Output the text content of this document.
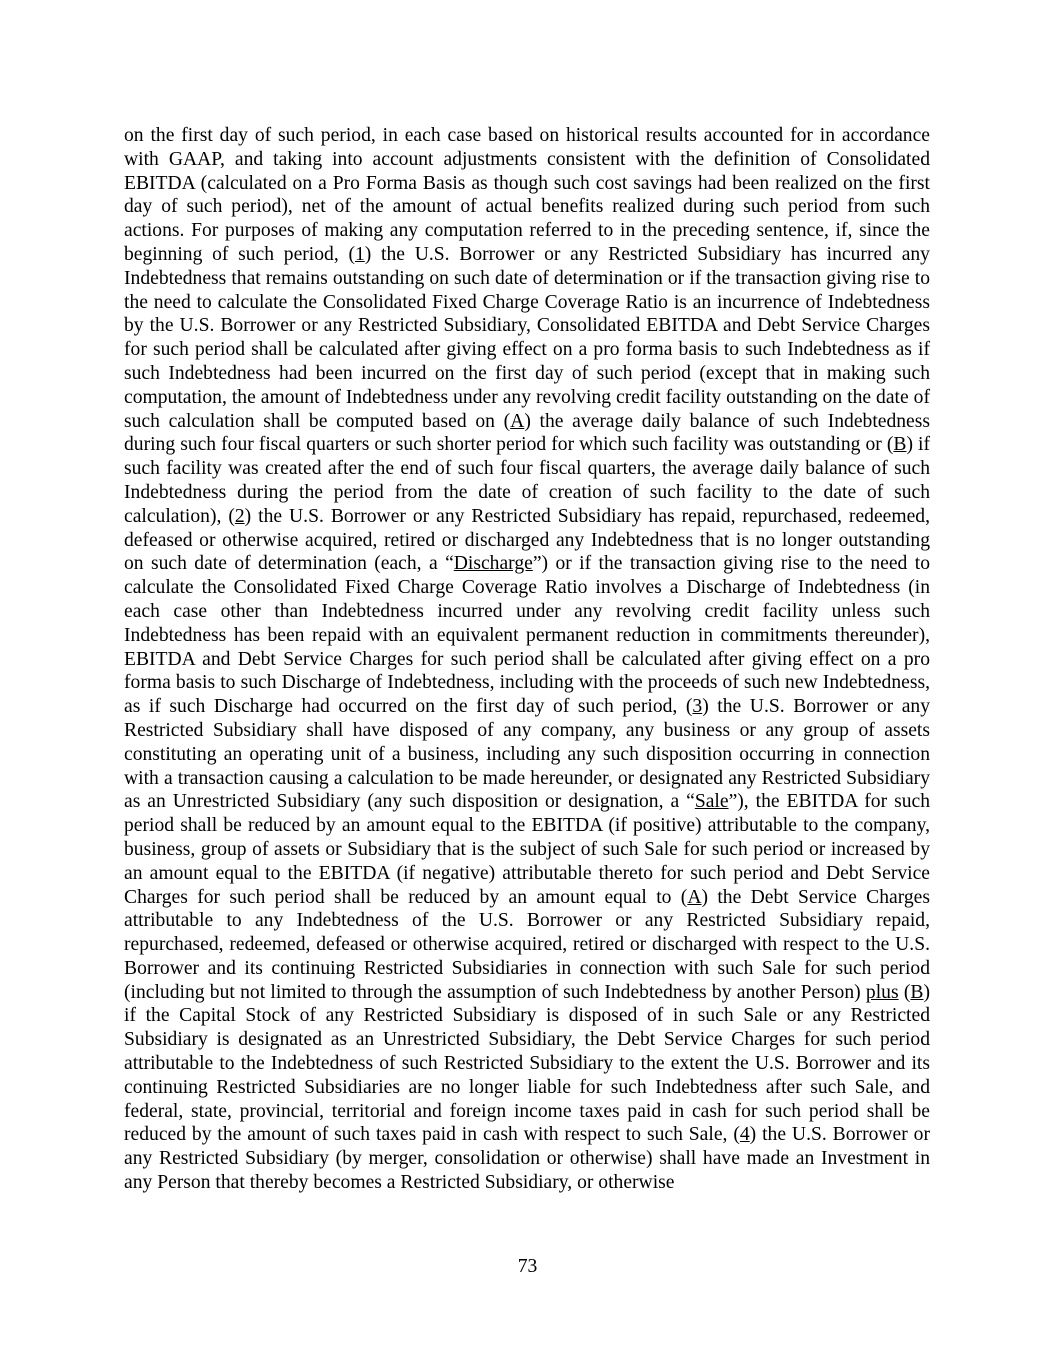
on the first day of such period, in each case based on historical results accounted for in accordance with GAAP, and taking into account adjustments consistent with the definition of Consolidated EBITDA (calculated on a Pro Forma Basis as though such cost savings had been realized on the first day of such period), net of the amount of actual benefits realized during such period from such actions. For purposes of making any computation referred to in the preceding sentence, if, since the beginning of such period, (1) the U.S. Borrower or any Restricted Subsidiary has incurred any Indebtedness that remains outstanding on such date of determination or if the transaction giving rise to the need to calculate the Consolidated Fixed Charge Coverage Ratio is an incurrence of Indebtedness by the U.S. Borrower or any Restricted Subsidiary, Consolidated EBITDA and Debt Service Charges for such period shall be calculated after giving effect on a pro forma basis to such Indebtedness as if such Indebtedness had been incurred on the first day of such period (except that in making such computation, the amount of Indebtedness under any revolving credit facility outstanding on the date of such calculation shall be computed based on (A) the average daily balance of such Indebtedness during such four fiscal quarters or such shorter period for which such facility was outstanding or (B) if such facility was created after the end of such four fiscal quarters, the average daily balance of such Indebtedness during the period from the date of creation of such facility to the date of such calculation), (2) the U.S. Borrower or any Restricted Subsidiary has repaid, repurchased, redeemed, defeased or otherwise acquired, retired or discharged any Indebtedness that is no longer outstanding on such date of determination (each, a “Discharge”) or if the transaction giving rise to the need to calculate the Consolidated Fixed Charge Coverage Ratio involves a Discharge of Indebtedness (in each case other than Indebtedness incurred under any revolving credit facility unless such Indebtedness has been repaid with an equivalent permanent reduction in commitments thereunder), EBITDA and Debt Service Charges for such period shall be calculated after giving effect on a pro forma basis to such Discharge of Indebtedness, including with the proceeds of such new Indebtedness, as if such Discharge had occurred on the first day of such period, (3) the U.S. Borrower or any Restricted Subsidiary shall have disposed of any company, any business or any group of assets constituting an operating unit of a business, including any such disposition occurring in connection with a transaction causing a calculation to be made hereunder, or designated any Restricted Subsidiary as an Unrestricted Subsidiary (any such disposition or designation, a “Sale”), the EBITDA for such period shall be reduced by an amount equal to the EBITDA (if positive) attributable to the company, business, group of assets or Subsidiary that is the subject of such Sale for such period or increased by an amount equal to the EBITDA (if negative) attributable thereto for such period and Debt Service Charges for such period shall be reduced by an amount equal to (A) the Debt Service Charges attributable to any Indebtedness of the U.S. Borrower or any Restricted Subsidiary repaid, repurchased, redeemed, defeased or otherwise acquired, retired or discharged with respect to the U.S. Borrower and its continuing Restricted Subsidiaries in connection with such Sale for such period (including but not limited to through the assumption of such Indebtedness by another Person) plus (B) if the Capital Stock of any Restricted Subsidiary is disposed of in such Sale or any Restricted Subsidiary is designated as an Unrestricted Subsidiary, the Debt Service Charges for such period attributable to the Indebtedness of such Restricted Subsidiary to the extent the U.S. Borrower and its continuing Restricted Subsidiaries are no longer liable for such Indebtedness after such Sale, and federal, state, provincial, territorial and foreign income taxes paid in cash for such period shall be reduced by the amount of such taxes paid in cash with respect to such Sale, (4) the U.S. Borrower or any Restricted Subsidiary (by merger, consolidation or otherwise) shall have made an Investment in any Person that thereby becomes a Restricted Subsidiary, or otherwise

73
